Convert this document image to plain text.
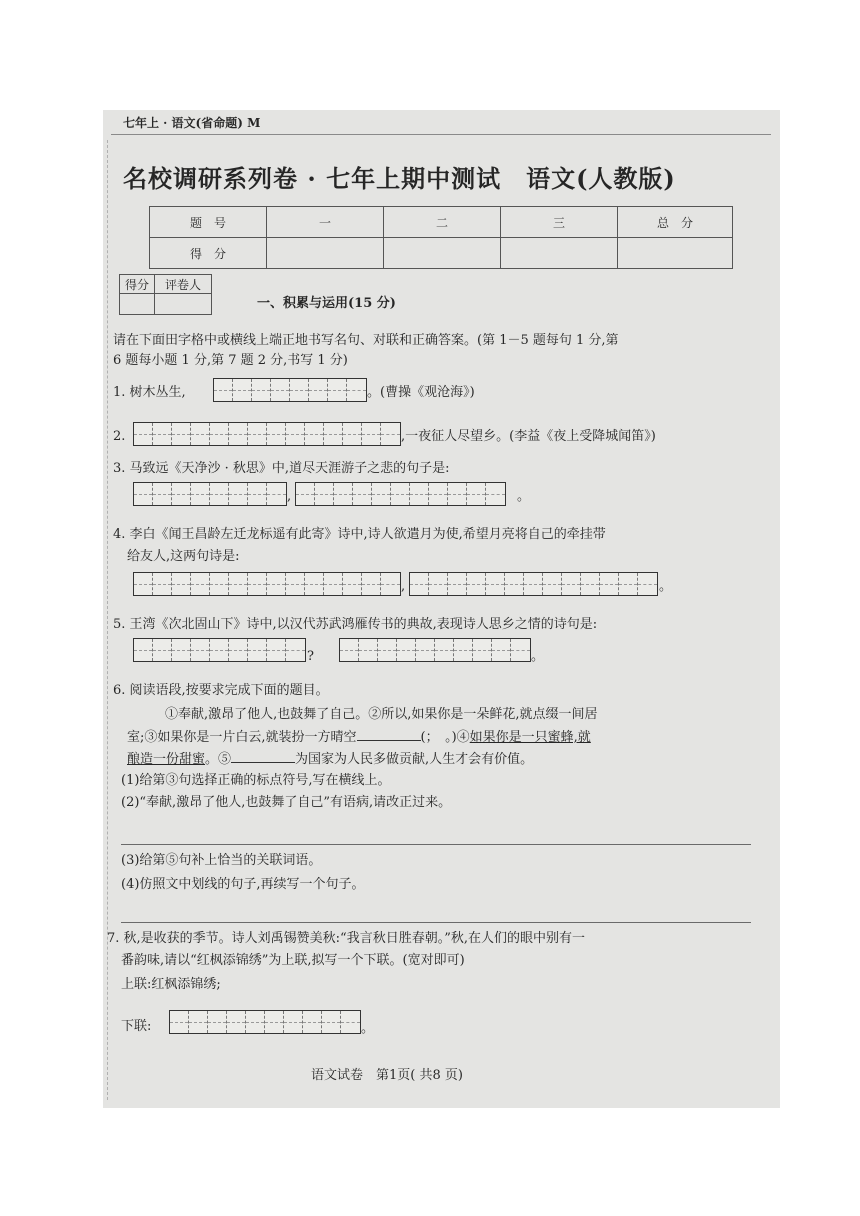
七年上 · 语文(省命题) M
名校调研系列卷 · 七年上期中测试　语文(人教版)
题　号	一	二	三	总　分
得　分				
得分	评卷人

一、积累与运用(15 分)
请在下面田字格中或横线上端正地书写名句、对联和正确答案。(第 1－5 题每句 1 分,第
6 题每小题 1 分,第 7 题 2 分,书写 1 分)
1. 树木丛生,	。(曹操《观沧海》)
2.	,一夜征人尽望乡。(李益《夜上受降城闻笛》)
3. 马致远《天净沙 · 秋思》中,道尽天涯游子之悲的句子是:
,	。
4. 李白《闻王昌龄左迁龙标遥有此寄》诗中,诗人欲遣月为使,希望月亮将自己的牵挂带
给友人,这两句诗是:
,	。
5. 王湾《次北固山下》诗中,以汉代苏武鸿雁传书的典故,表现诗人思乡之情的诗句是:
?	。
6. 阅读语段,按要求完成下面的题目。
①奉献,激昂了他人,也鼓舞了自己。②所以,如果你是一朵鲜花,就点缀一间居
室;③如果你是一片白云,就装扮一方晴空	(；　。)④如果你是一只蜜蜂,就
酿造一份甜蜜。⑤	为国家为人民多做贡献,人生才会有价值。
(1)给第③句选择正确的标点符号,写在横线上。
(2)“奉献,激昂了他人,也鼓舞了自己”有语病,请改正过来。
(3)给第⑤句补上恰当的关联词语。
(4)仿照文中划线的句子,再续写一个句子。
7. 秋,是收获的季节。诗人刘禹锡赞美秋:“我言秋日胜春朝。”秋,在人们的眼中别有一
番韵味,请以“红枫添锦绣”为上联,拟写一个下联。(宽对即可)
上联:红枫添锦绣;
下联:	。
语文试卷　第1页( 共8 页)
